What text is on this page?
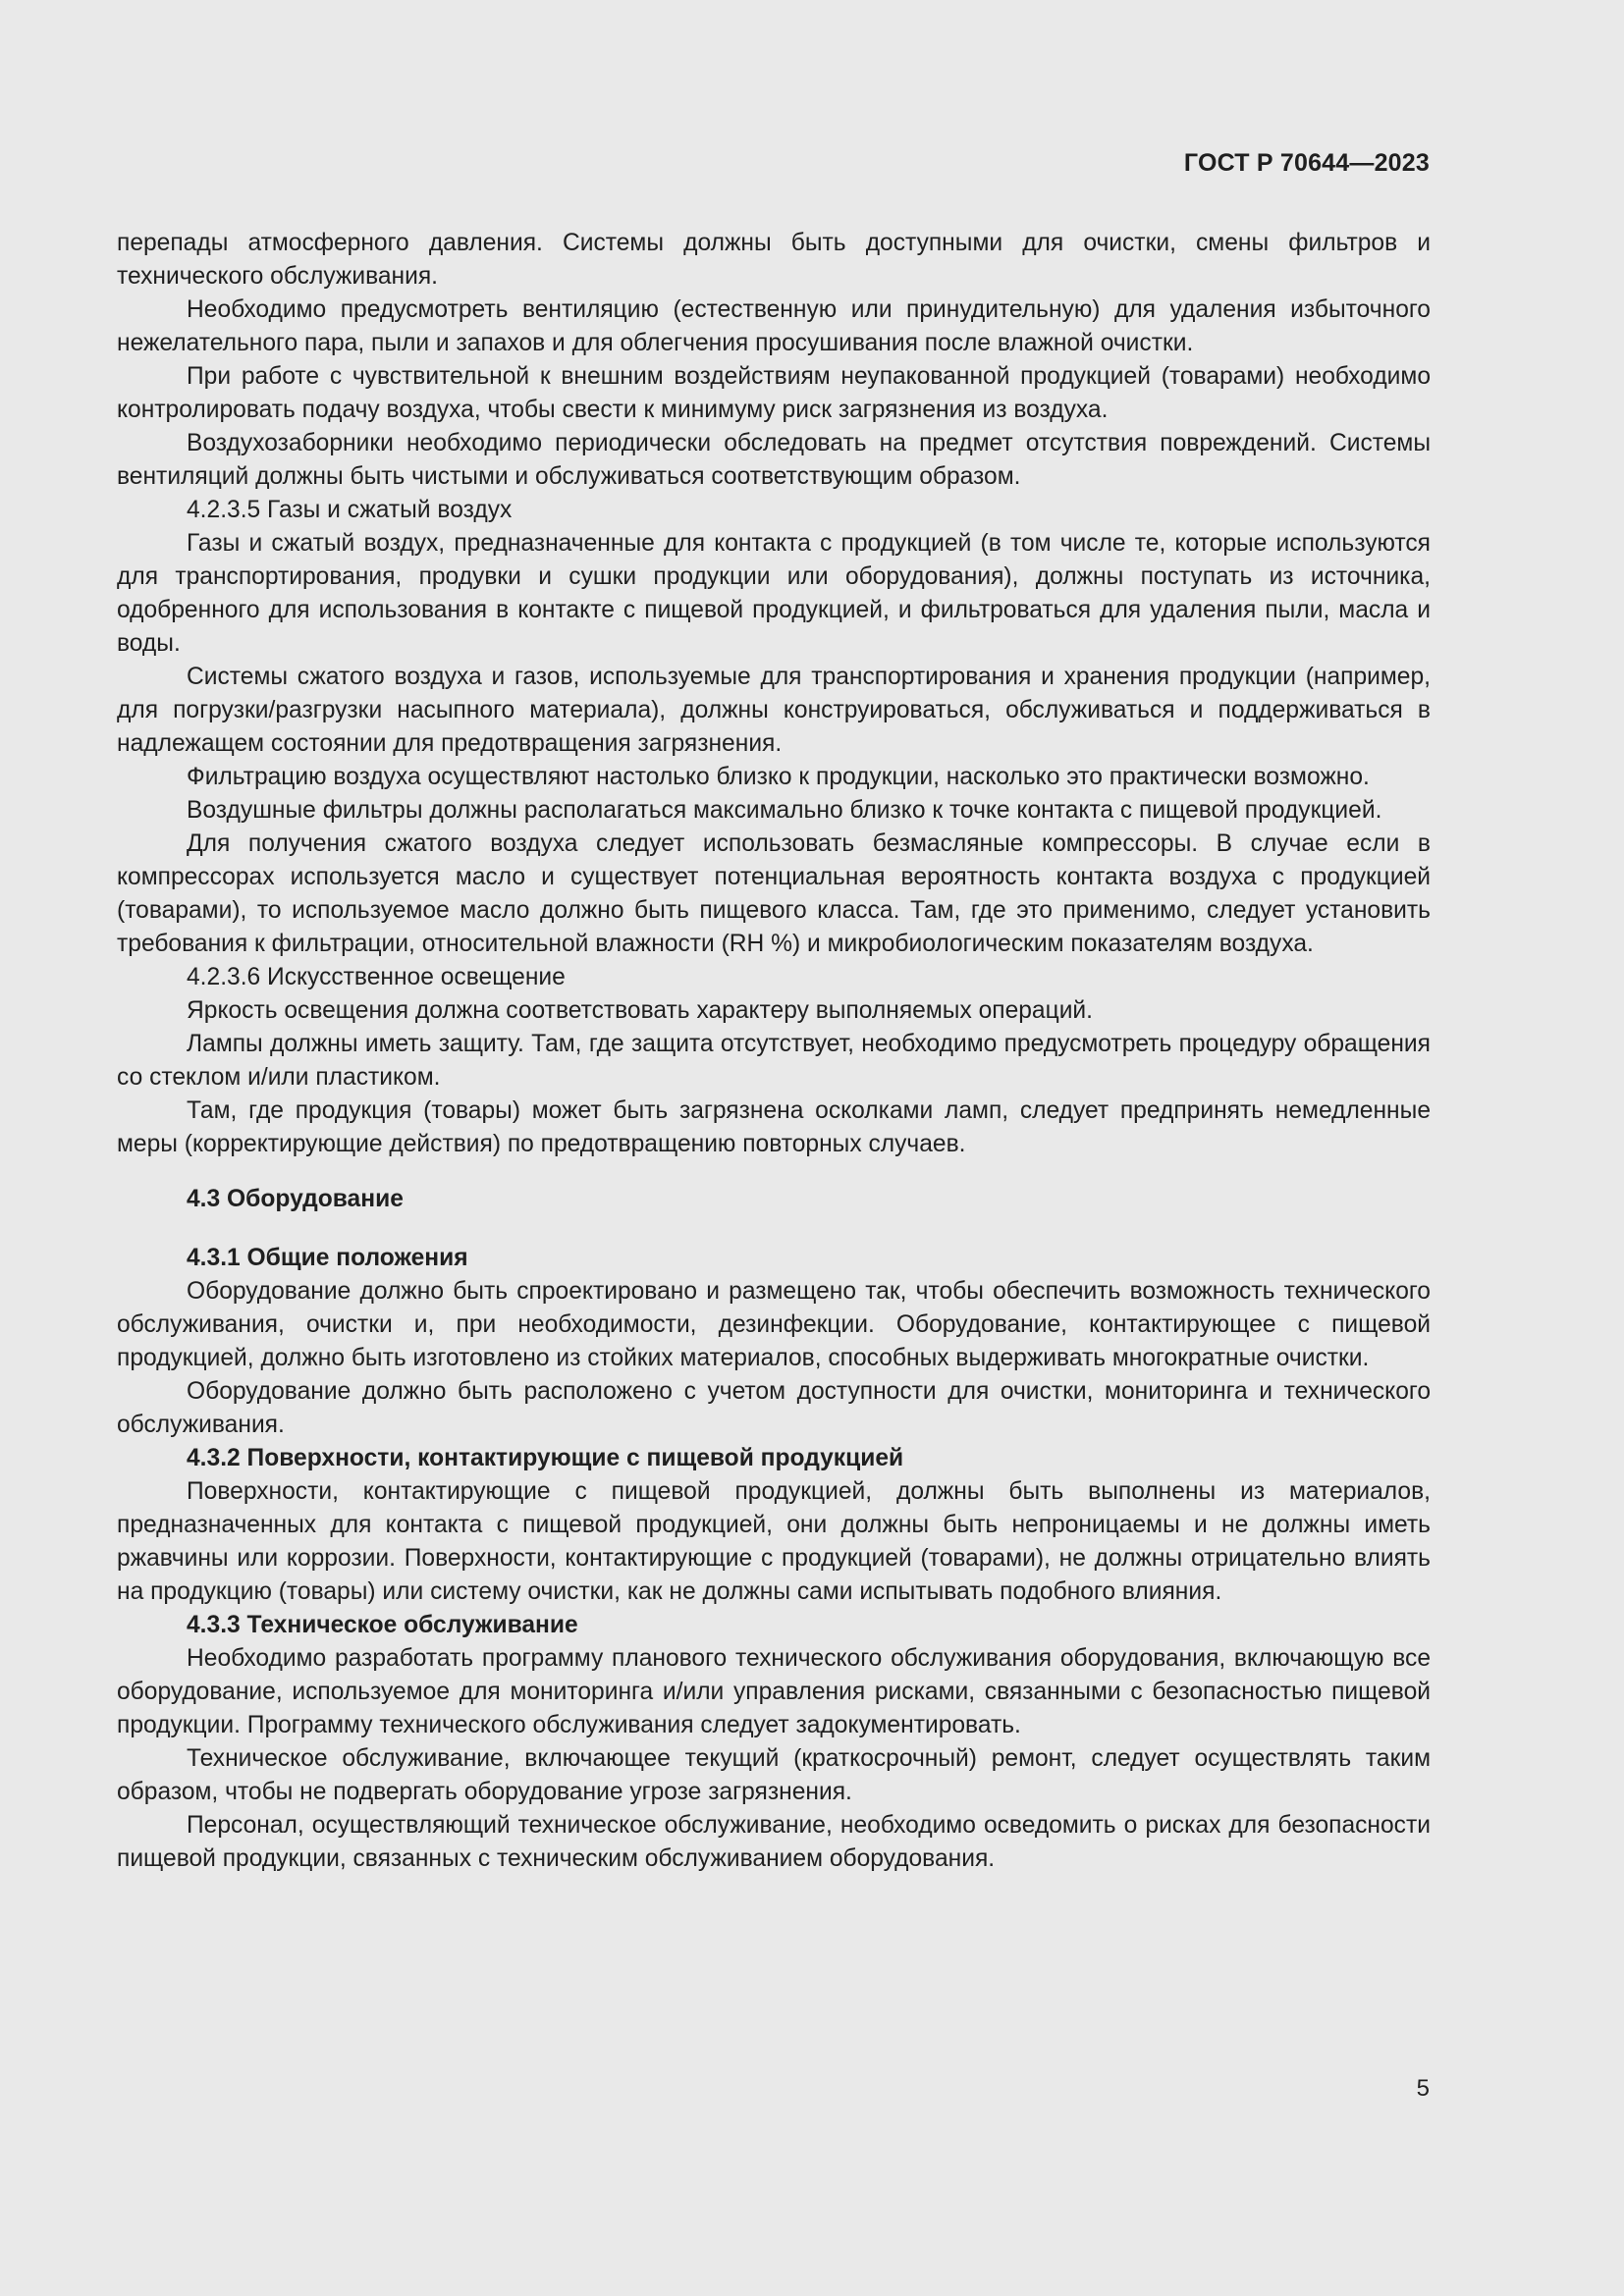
ГОСТ Р 70644—2023

перепады атмосферного давления. Системы должны быть доступными для очистки, смены фильтров и технического обслуживания.

Необходимо предусмотреть вентиляцию (естественную или принудительную) для удаления избыточного нежелательного пара, пыли и запахов и для облегчения просушивания после влажной очистки.

При работе с чувствительной к внешним воздействиям неупакованной продукцией (товарами) необходимо контролировать подачу воздуха, чтобы свести к минимуму риск загрязнения из воздуха.

Воздухозаборники необходимо периодически обследовать на предмет отсутствия повреждений. Системы вентиляций должны быть чистыми и обслуживаться соответствующим образом.

4.2.3.5 Газы и сжатый воздух

Газы и сжатый воздух, предназначенные для контакта с продукцией (в том числе те, которые используются для транспортирования, продувки и сушки продукции или оборудования), должны поступать из источника, одобренного для использования в контакте с пищевой продукцией, и фильтроваться для удаления пыли, масла и воды.

Системы сжатого воздуха и газов, используемые для транспортирования и хранения продукции (например, для погрузки/разгрузки насыпного материала), должны конструироваться, обслуживаться и поддерживаться в надлежащем состоянии для предотвращения загрязнения.

Фильтрацию воздуха осуществляют настолько близко к продукции, насколько это практически возможно.

Воздушные фильтры должны располагаться максимально близко к точке контакта с пищевой продукцией.

Для получения сжатого воздуха следует использовать безмасляные компрессоры. В случае если в компрессорах используется масло и существует потенциальная вероятность контакта воздуха с продукцией (товарами), то используемое масло должно быть пищевого класса. Там, где это применимо, следует установить требования к фильтрации, относительной влажности (RH %) и микробиологическим показателям воздуха.

4.2.3.6 Искусственное освещение

Яркость освещения должна соответствовать характеру выполняемых операций.

Лампы должны иметь защиту. Там, где защита отсутствует, необходимо предусмотреть процедуру обращения со стеклом и/или пластиком.

Там, где продукция (товары) может быть загрязнена осколками ламп, следует предпринять немедленные меры (корректирующие действия) по предотвращению повторных случаев.

4.3 Оборудование
4.3.1 Общие положения

Оборудование должно быть спроектировано и размещено так, чтобы обеспечить возможность технического обслуживания, очистки и, при необходимости, дезинфекции. Оборудование, контактирующее с пищевой продукцией, должно быть изготовлено из стойких материалов, способных выдерживать многократные очистки.

Оборудование должно быть расположено с учетом доступности для очистки, мониторинга и технического обслуживания.

4.3.2 Поверхности, контактирующие с пищевой продукцией

Поверхности, контактирующие с пищевой продукцией, должны быть выполнены из материалов, предназначенных для контакта с пищевой продукцией, они должны быть непроницаемы и не должны иметь ржавчины или коррозии. Поверхности, контактирующие с продукцией (товарами), не должны отрицательно влиять на продукцию (товары) или систему очистки, как не должны сами испытывать подобного влияния.

4.3.3 Техническое обслуживание

Необходимо разработать программу планового технического обслуживания оборудования, включающую все оборудование, используемое для мониторинга и/или управления рисками, связанными с безопасностью пищевой продукции. Программу технического обслуживания следует задокументировать.

Техническое обслуживание, включающее текущий (краткосрочный) ремонт, следует осуществлять таким образом, чтобы не подвергать оборудование угрозе загрязнения.

Персонал, осуществляющий техническое обслуживание, необходимо осведомить о рисках для безопасности пищевой продукции, связанных с техническим обслуживанием оборудования.

5
